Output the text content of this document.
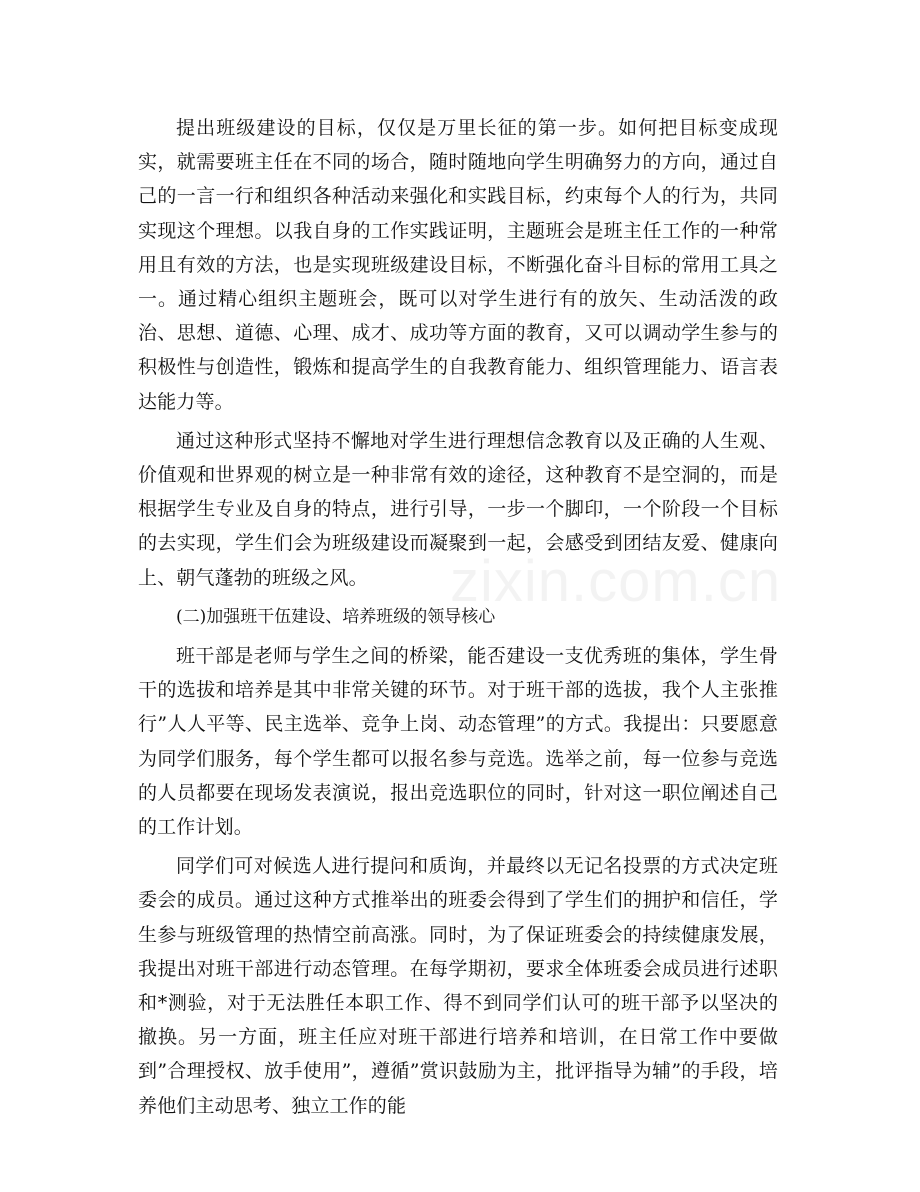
提出班级建设的目标，仅仅是万里长征的第一步。如何把目标变成现实，就需要班主任在不同的场合，随时随地向学生明确努力的方向，通过自己的一言一行和组织各种活动来强化和实践目标，约束每个人的行为，共同实现这个理想。以我自身的工作实践证明，主题班会是班主任工作的一种常用且有效的方法，也是实现班级建设目标，不断强化奋斗目标的常用工具之一。通过精心组织主题班会，既可以对学生进行有的放矢、生动活泼的政治、思想、道德、心理、成才、成功等方面的教育，又可以调动学生参与的积极性与创造性，锻炼和提高学生的自我教育能力、组织管理能力、语言表达能力等。

通过这种形式坚持不懈地对学生进行理想信念教育以及正确的人生观、价值观和世界观的树立是一种非常有效的途径，这种教育不是空洞的，而是根据学生专业及自身的特点，进行引导，一步一个脚印，一个阶段一个目标的去实现，学生们会为班级建设而凝聚到一起，会感受到团结友爱、健康向上、朝气蓬勃的班级之风。

(二)加强班干伍建设、培养班级的领导核心

班干部是老师与学生之间的桥梁，能否建设一支优秀班的集体，学生骨干的选拔和培养是其中非常关键的环节。对于班干部的选拔，我个人主张推行”人人平等、民主选举、竞争上岗、动态管理”的方式。我提出：只要愿意为同学们服务，每个学生都可以报名参与竞选。选举之前，每一位参与竞选的人员都要在现场发表演说，报出竞选职位的同时，针对这一职位阐述自己的工作计划。

同学们可对候选人进行提问和质询，并最终以无记名投票的方式决定班委会的成员。通过这种方式推举出的班委会得到了学生们的拥护和信任，学生参与班级管理的热情空前高涨。同时，为了保证班委会的持续健康发展，我提出对班干部进行动态管理。在每学期初，要求全体班委会成员进行述职和*测验，对于无法胜任本职工作、得不到同学们认可的班干部予以坚决的撤换。另一方面，班主任应对班干部进行培养和培训，在日常工作中要做到”合理授权、放手使用”，遵循”赏识鼓励为主，批评指导为辅”的手段，培养他们主动思考、独立工作的能
